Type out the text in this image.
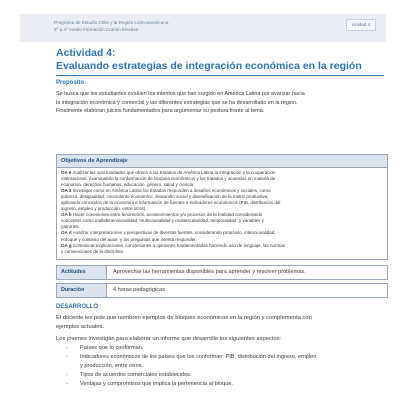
Programa de Estudio Chile y la Región Latinoamericana
3° a 4° medio Formación Común Electiva
Unidad 4
Actividad 4:
Evaluando estrategias de integración económica en la región
Propósito
Se busca que los estudiantes evalúen los intentos que han surgido en América Latina por avanzar hacia
la integración económica y comercial y las diferentes estrategias que se ha desarrollado en la región.
Finalmente elaboran juicios fundamentados para argumentar su postura frente al tema.
Objetivos de Aprendizaje
OA 6 Analizar las oportunidades que ofrece a los Estados de América Latina la integración y la cooperación
internacional, examinando la conformación de bloques económicos y los tratados y acuerdos en materia de
economía, derechos humanos, educación, género, salud y ciencia.
OA 3 Investigar cómo en América Latina los Estados responden a desafíos económicos y sociales, como
pobreza, desigualdad, crecimiento económico, desarrollo social y diversificación de la matriz productiva,
aplicando conceptos de la economía e información de fuentes e indicadores económicos (PIB, distribución del
ingreso, empleo y producción, entre otros).
OA b Hacer conexiones entre fenómenos, acontecimientos y/o procesos de la realidad considerando
conceptos como multidimensionalidad, multicausalidad y multiescalaridad, temporalidad, y variables y
patrones.
OA d Analizar interpretaciones y perspectivas de diversas fuentes, considerando propósito, intencionalidad,
enfoque y contexto del autor, y las preguntas que intenta responder.
OA g Comunicar explicaciones, conclusiones u opiniones fundamentadas haciendo uso de lenguaje, las normas
y convenciones de la disciplina.
Actitudes	Aprovechar las herramientas disponibles para aprender y resolver problemas.
Duración	4 horas pedagógicas
DESARROLLO
El docente les pide que nombren ejemplos de bloques económicos en la región y complementa con
ejemplos actuales.
Los jóvenes investigan para elaborar un informe que desarrolle los siguientes aspectos:
- Países que lo conforman.
- Indicadores económicos de los países que los conforman: PIB, distribución del ingreso, empleo
y producción, entre otros.
- Tipos de acuerdos comerciales establecidos.
- Ventajas y compromisos que implica la pertenencia al bloque.
